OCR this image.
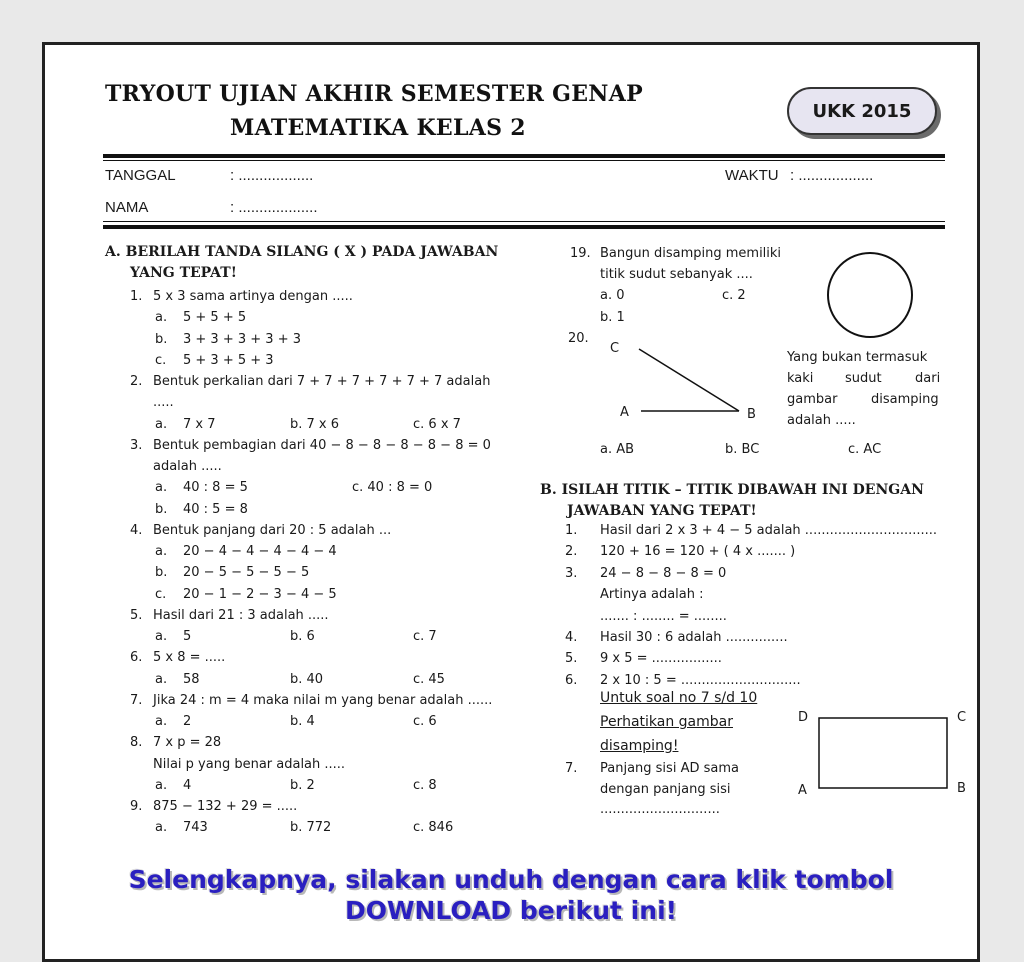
TRYOUT UJIAN AKHIR SEMESTER GENAP
MATEMATIKA KELAS 2
UKK 2015
TANGGAL	: ..................	WAKTU : ..................
NAMA	: ...................
A. BERILAH TANDA SILANG ( X ) PADA JAWABAN
YANG TEPAT!
1. 5 x 3 sama artinya dengan .....
a. 5 + 5 + 5
b. 3 + 3 + 3 + 3 + 3
c. 5 + 3 + 5 + 3
2. Bentuk perkalian dari 7 + 7 + 7 + 7 + 7 + 7 adalah
.....
a. 7 x 7	b. 7 x 6	c. 6 x 7
3. Bentuk pembagian dari 40 − 8 − 8 − 8 − 8 − 8 = 0
adalah .....
a. 40 : 8 = 5	c. 40 : 8 = 0
b. 40 : 5 = 8
4. Bentuk panjang dari 20 : 5 adalah ...
a. 20 − 4 − 4 − 4 − 4 − 4
b. 20 − 5 − 5 − 5 − 5
c. 20 − 1 − 2 − 3 − 4 − 5
5. Hasil dari 21 : 3 adalah .....
a. 5	b. 6	c. 7
6. 5 x 8 = .....
a. 58	b. 40	c. 45
7. Jika 24 : m = 4 maka nilai m yang benar adalah ......
a. 2	b. 4	c. 6
8. 7 x p = 28
Nilai p yang benar adalah .....
a. 4	b. 2	c. 8
9. 875 − 132 + 29 = .....
a. 743	b. 772	c. 846
19. Bangun disamping memiliki
titik sudut sebanyak ....
a. 0	c. 2
b. 1
20.
C
A	B
Yang bukan termasuk
kaki sudut	dari
gambar	disamping
adalah .....
a. AB	b. BC	c. AC
B. ISILAH TITIK – TITIK DIBAWAH INI DENGAN
JAWABAN YANG TEPAT!
1. Hasil dari 2 x 3 + 4 − 5 adalah ................................
2. 120 + 16 = 120 + ( 4 x ....... )
3. 24 − 8 − 8 − 8 = 0
Artinya adalah :
....... : ........ = ........
4. Hasil 30 : 6 adalah ...............
5. 9 x 5 = .................
6. 2 x 10 : 5 = .............................
Untuk soal no 7 s/d 10
Perhatikan gambar
disamping!
7. Panjang sisi AD sama
dengan panjang sisi
.............................
D	C
A	B
Selengkapnya, silakan unduh dengan cara klik tombol
DOWNLOAD berikut ini!
